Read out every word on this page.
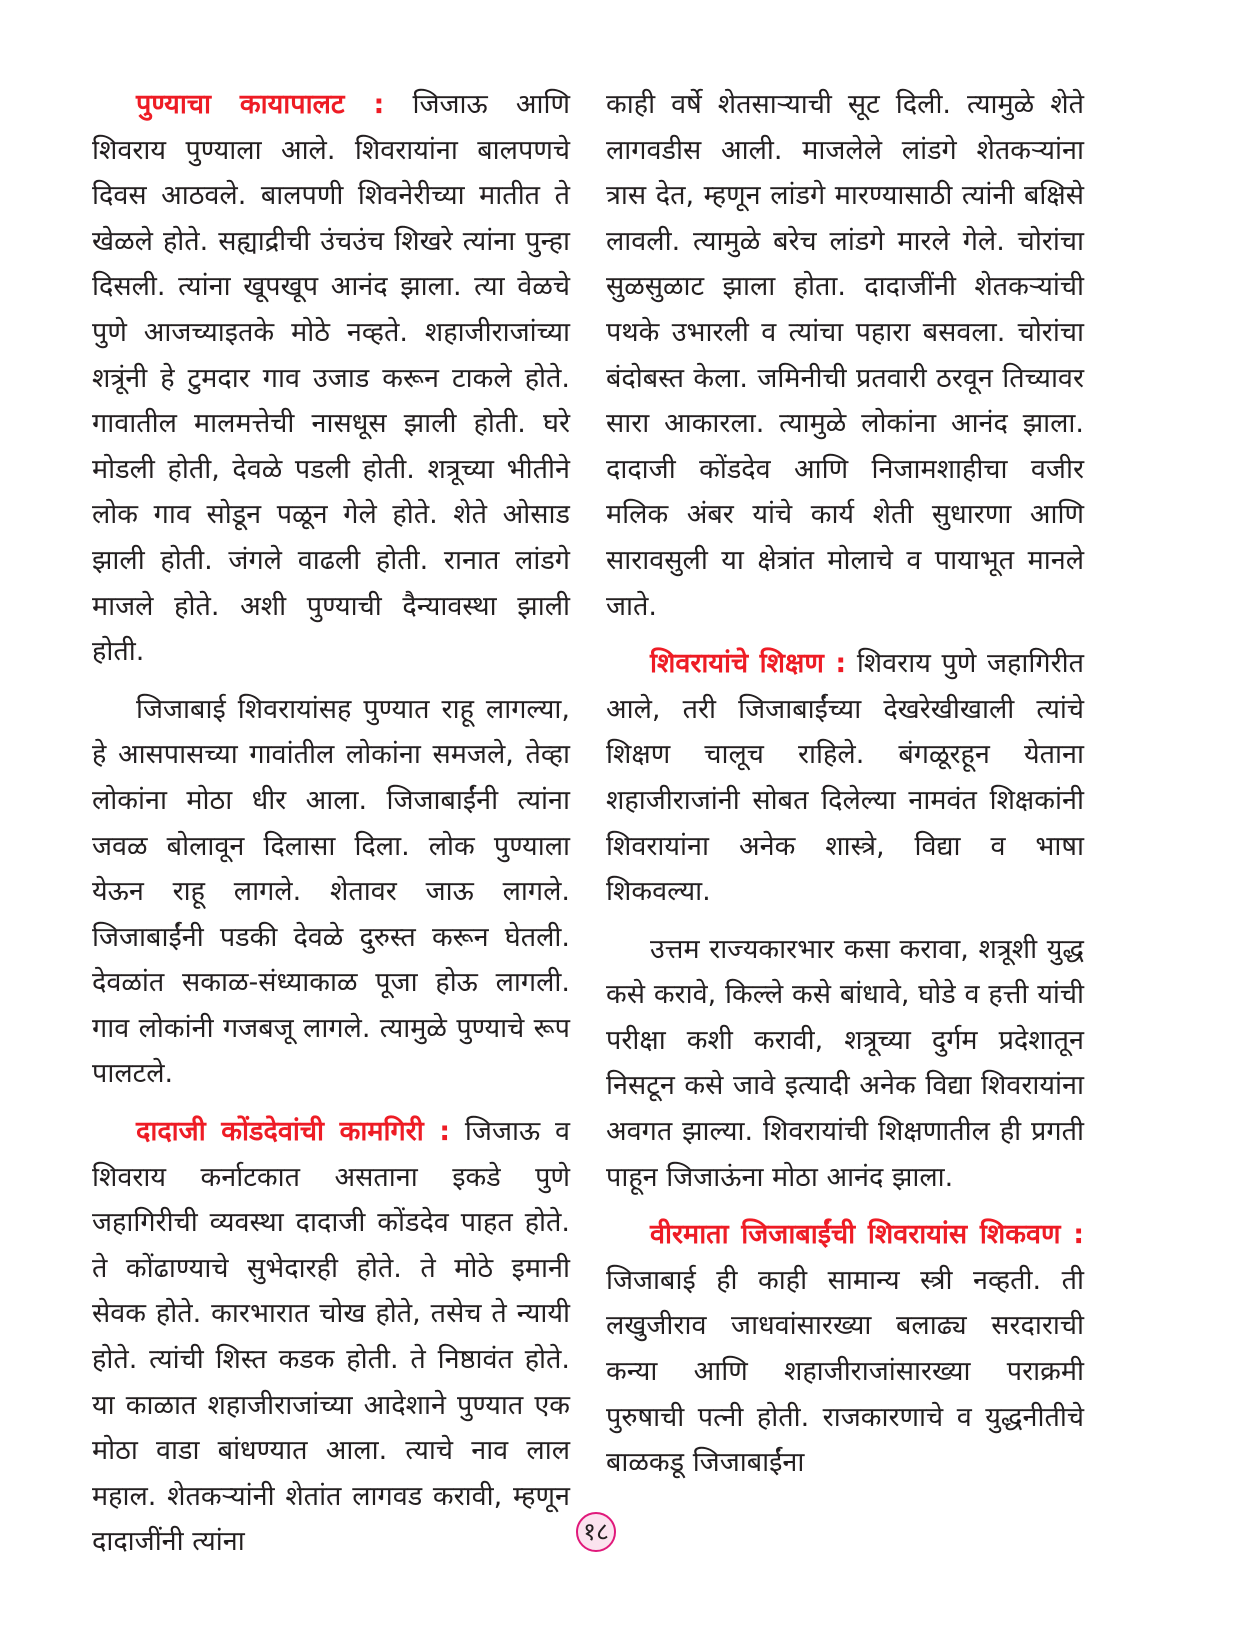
पुण्याचा कायापालट : जिजाऊ आणि शिवराय पुण्याला आले. शिवरायांना बालपणचे दिवस आठवले. बालपणी शिवनेरीच्या मातीत ते खेळले होते. सह्याद्रीची उंचउंच शिखरे त्यांना पुन्हा दिसली. त्यांना खूपखूप आनंद झाला. त्या वेळचे पुणे आजच्याइतके मोठे नव्हते. शहाजीराजांच्या शत्रूंनी हे टुमदार गाव उजाड करून टाकले होते. गावातील मालमत्तेची नासधूस झाली होती. घरे मोडली होती, देवळे पडली होती. शत्रूच्या भीतीने लोक गाव सोडून पळून गेले होते. शेते ओसाड झाली होती. जंगले वाढली होती. रानात लांडगे माजले होते. अशी पुण्याची दैन्यावस्था झाली होती.

जिजाबाई शिवरायांसह पुण्यात राहू लागल्या, हे आसपासच्या गावांतील लोकांना समजले, तेव्हा लोकांना मोठा धीर आला. जिजाबाईंनी त्यांना जवळ बोलावून दिलासा दिला. लोक पुण्याला येऊन राहू लागले. शेतावर जाऊ लागले. जिजाबाईंनी पडकी देवळे दुरुस्त करून घेतली. देवळांत सकाळ-संध्याकाळ पूजा होऊ लागली. गाव लोकांनी गजबजू लागले. त्यामुळे पुण्याचे रूप पालटले.

दादाजी कोंडदेवांची कामगिरी : जिजाऊ व शिवराय कर्नाटकात असताना इकडे पुणे जहागिरीची व्यवस्था दादाजी कोंडदेव पाहत होते. ते कोंढाण्याचे सुभेदारही होते. ते मोठे इमानी सेवक होते. कारभारात चोख होते, तसेच ते न्यायी होते. त्यांची शिस्त कडक होती. ते निष्ठावंत होते. या काळात शहाजीराजांच्या आदेशाने पुण्यात एक मोठा वाडा बांधण्यात आला. त्याचे नाव लाल महाल. शेतकऱ्यांनी शेतांत लागवड करावी, म्हणून दादाजींनी त्यांना

काही वर्षे शेतसाऱ्याची सूट दिली. त्यामुळे शेते लागवडीस आली. माजलेले लांडगे शेतकऱ्यांना त्रास देत, म्हणून लांडगे मारण्यासाठी त्यांनी बक्षिसे लावली. त्यामुळे बरेच लांडगे मारले गेले. चोरांचा सुळसुळाट झाला होता. दादाजींनी शेतकऱ्यांची पथके उभारली व त्यांचा पहारा बसवला. चोरांचा बंदोबस्त केला. जमिनीची प्रतवारी ठरवून तिच्यावर सारा आकारला. त्यामुळे लोकांना आनंद झाला. दादाजी कोंडदेव आणि निजामशाहीचा वजीर मलिक अंबर यांचे कार्य शेती सुधारणा आणि सारावसुली या क्षेत्रांत मोलाचे व पायाभूत मानले जाते.

शिवरायांचे शिक्षण : शिवराय पुणे जहागिरीत आले, तरी जिजाबाईंच्या देखरेखीखाली त्यांचे शिक्षण चालूच राहिले. बंगळूरहून येताना शहाजीराजांनी सोबत दिलेल्या नामवंत शिक्षकांनी शिवरायांना अनेक शास्त्रे, विद्या व भाषा शिकवल्या.

उत्तम राज्यकारभार कसा करावा, शत्रूशी युद्ध कसे करावे, किल्ले कसे बांधावे, घोडे व हत्ती यांची परीक्षा कशी करावी, शत्रूच्या दुर्गम प्रदेशातून निसटून कसे जावे इत्यादी अनेक विद्या शिवरायांना अवगत झाल्या. शिवरायांची शिक्षणातील ही प्रगती पाहून जिजाऊंना मोठा आनंद झाला.

वीरमाता जिजाबाईंची शिवरायांस शिकवण : जिजाबाई ही काही सामान्य स्त्री नव्हती. ती लखुजीराव जाधवांसारख्या बलाढ्य सरदाराची कन्या आणि शहाजीराजांसारख्या पराक्रमी पुरुषाची पत्नी होती. राजकारणाचे व युद्धनीतीचे बाळकडू जिजाबाईंना

१८
